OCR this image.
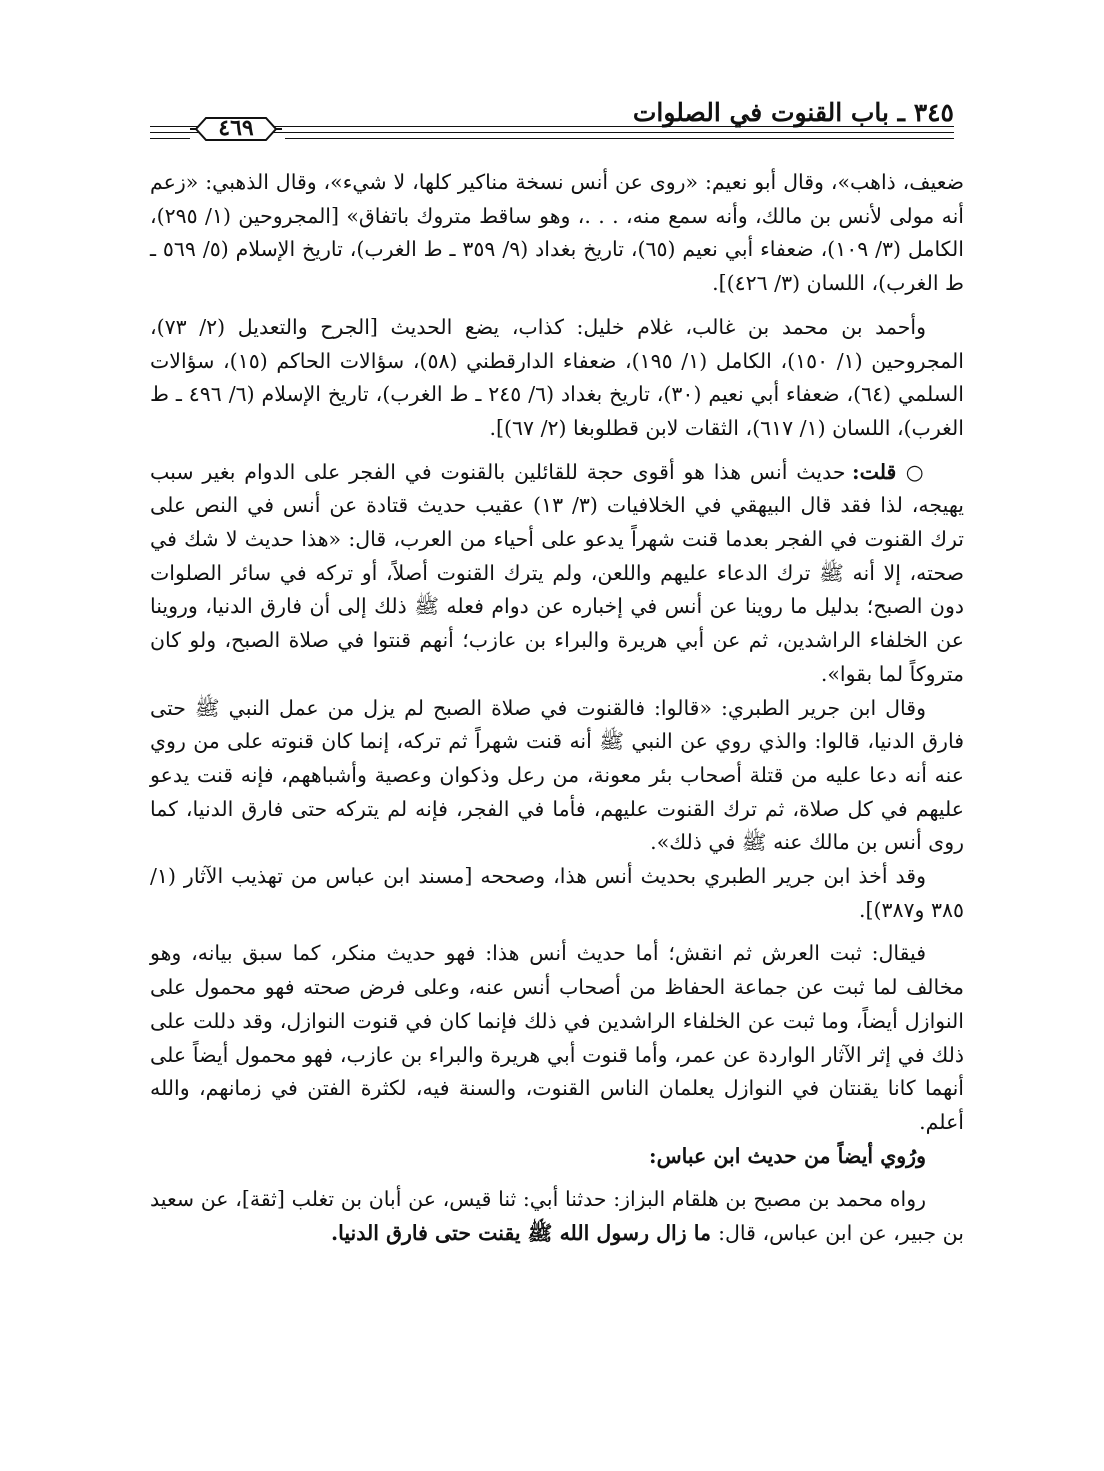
٣٤٥ ـ باب القنوت في الصلوات
٤٦٩

ضعيف، ذاهب»، وقال أبو نعيم: «روى عن أنس نسخة مناكير كلها، لا شيء»، وقال الذهبي: «زعم أنه مولى لأنس بن مالك، وأنه سمع منه، . . .، وهو ساقط متروك باتفاق» [المجروحين (١/ ٢٩٥)، الكامل (٣/ ١٠٩)، ضعفاء أبي نعيم (٦٥)، تاريخ بغداد (٩/ ٣٥٩ ـ ط الغرب)، تاريخ الإسلام (٥/ ٥٦٩ ـ ط الغرب)، اللسان (٣/ ٤٢٦)].

وأحمد بن محمد بن غالب، غلام خليل: كذاب، يضع الحديث [الجرح والتعديل (٢/ ٧٣)، المجروحين (١/ ١٥٠)، الكامل (١/ ١٩٥)، ضعفاء الدارقطني (٥٨)، سؤالات الحاكم (١٥)، سؤالات السلمي (٦٤)، ضعفاء أبي نعيم (٣٠)، تاريخ بغداد (٦/ ٢٤٥ ـ ط الغرب)، تاريخ الإسلام (٦/ ٤٩٦ ـ ط الغرب)، اللسان (١/ ٦١٧)، الثقات لابن قطلوبغا (٢/ ٦٧)].

○ قلت: حديث أنس هذا هو أقوى حجة للقائلين بالقنوت في الفجر على الدوام بغير سبب يهيجه، لذا فقد قال البيهقي في الخلافيات (٣/ ١٣) عقيب حديث قتادة عن أنس في النص على ترك القنوت في الفجر بعدما قنت شهراً يدعو على أحياء من العرب، قال: «هذا حديث لا شك في صحته، إلا أنه ﷺ ترك الدعاء عليهم واللعن، ولم يترك القنوت أصلاً، أو تركه في سائر الصلوات دون الصبح؛ بدليل ما روينا عن أنس في إخباره عن دوام فعله ﷺ ذلك إلى أن فارق الدنيا، وروينا عن الخلفاء الراشدين، ثم عن أبي هريرة والبراء بن عازب؛ أنهم قنتوا في صلاة الصبح، ولو كان متروكاً لما بقوا».

وقال ابن جرير الطبري: «قالوا: فالقنوت في صلاة الصبح لم يزل من عمل النبي ﷺ حتى فارق الدنيا، قالوا: والذي روي عن النبي ﷺ أنه قنت شهراً ثم تركه، إنما كان قنوته على من روي عنه أنه دعا عليه من قتلة أصحاب بئر معونة، من رعل وذكوان وعصية وأشباههم، فإنه قنت يدعو عليهم في كل صلاة، ثم ترك القنوت عليهم، فأما في الفجر، فإنه لم يتركه حتى فارق الدنيا، كما روى أنس بن مالك عنه ﷺ في ذلك».

وقد أخذ ابن جرير الطبري بحديث أنس هذا، وصححه [مسند ابن عباس من تهذيب الآثار (١/ ٣٨٥ و٣٨٧)].

فيقال: ثبت العرش ثم انقش؛ أما حديث أنس هذا: فهو حديث منكر، كما سبق بيانه، وهو مخالف لما ثبت عن جماعة الحفاظ من أصحاب أنس عنه، وعلى فرض صحته فهو محمول على النوازل أيضاً، وما ثبت عن الخلفاء الراشدين في ذلك فإنما كان في قنوت النوازل، وقد دللت على ذلك في إثر الآثار الواردة عن عمر، وأما قنوت أبي هريرة والبراء بن عازب، فهو محمول أيضاً على أنهما كانا يقنتان في النوازل يعلمان الناس القنوت، والسنة فيه، لكثرة الفتن في زمانهم، والله أعلم.

ورُوي أيضاً من حديث ابن عباس:

رواه محمد بن مصبح بن هلقام البزاز: حدثنا أبي: ثنا قيس، عن أبان بن تغلب [ثقة]، عن سعيد بن جبير، عن ابن عباس، قال: ما زال رسول الله ﷺ يقنت حتى فارق الدنيا.
